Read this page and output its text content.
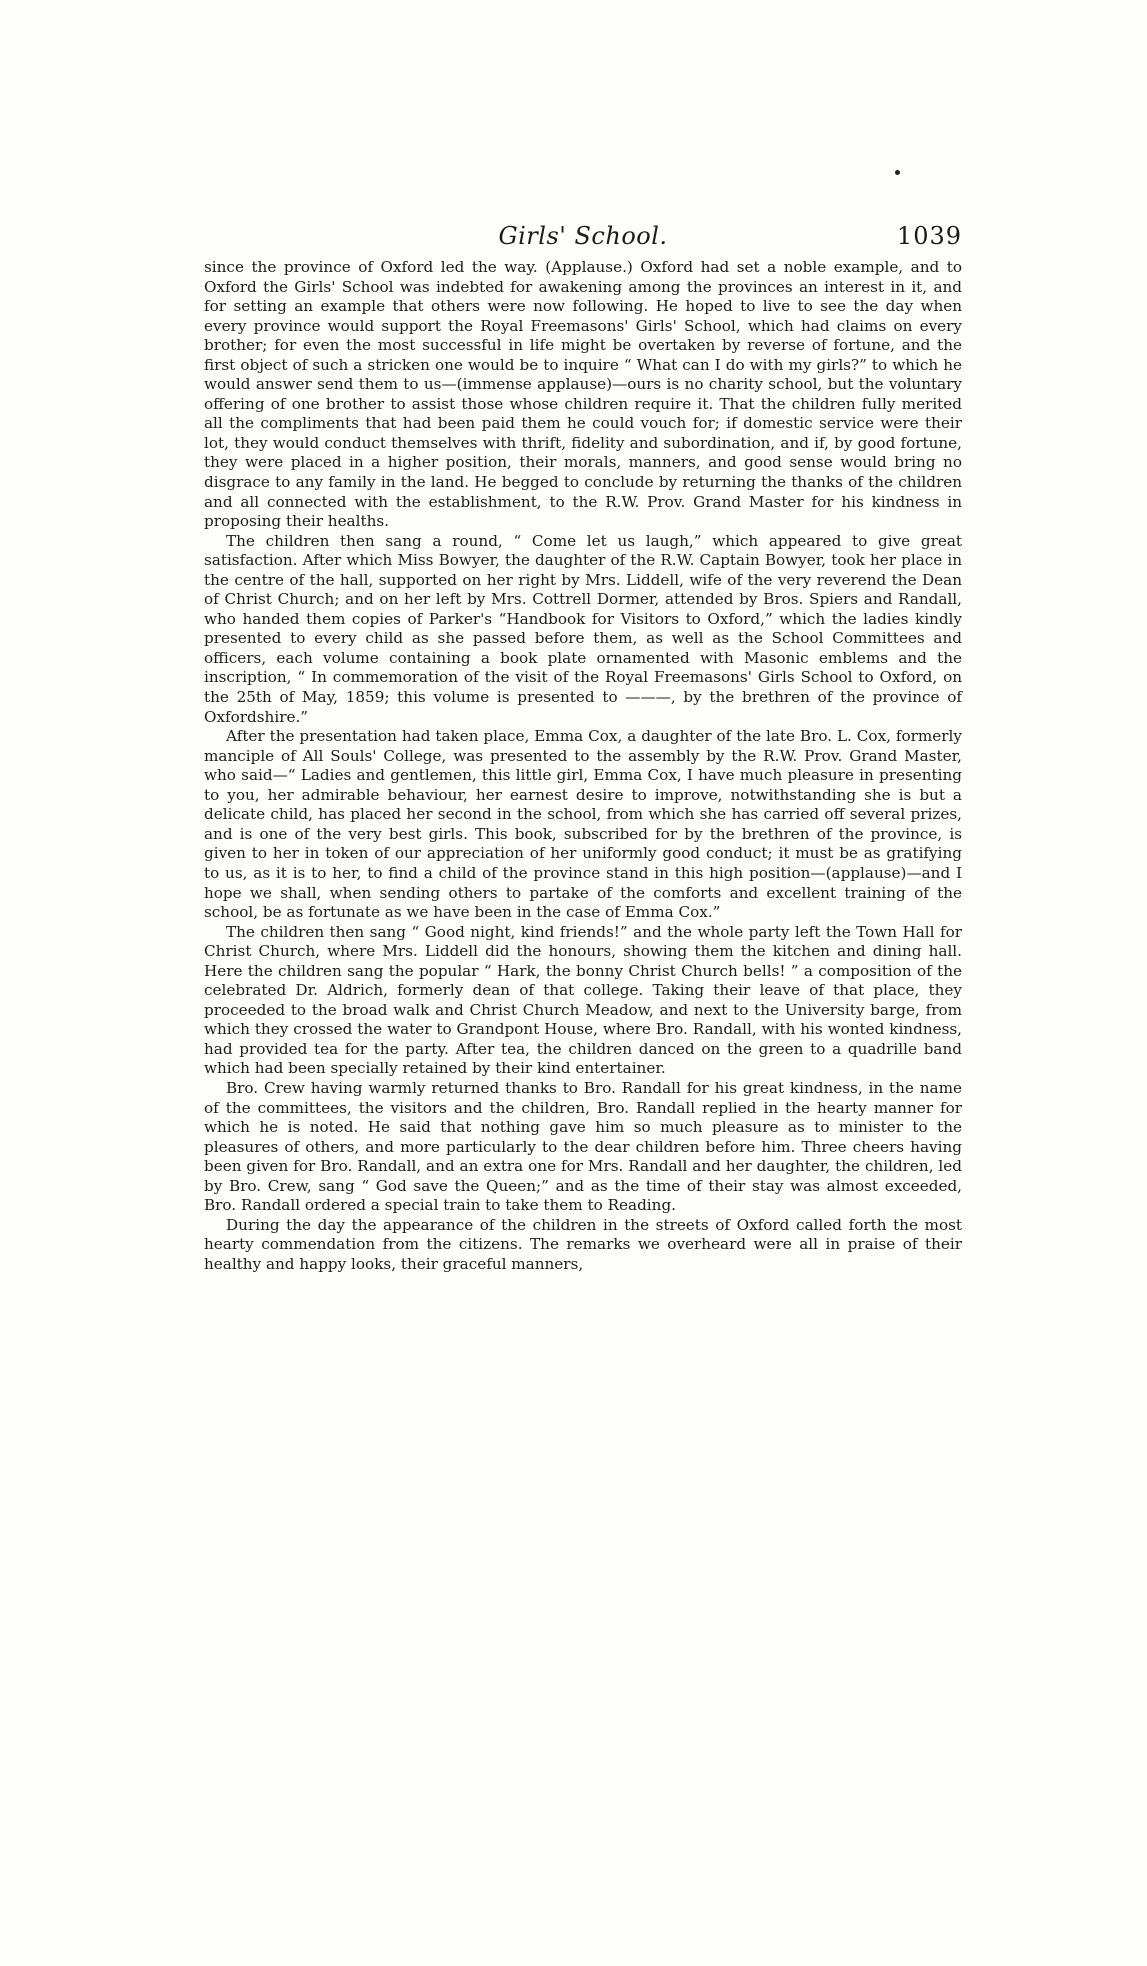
Girls' School.	1039

since the province of Oxford led the way. (Applause.) Oxford had set a noble example, and to Oxford the Girls' School was indebted for awakening among the provinces an interest in it, and for setting an example that others were now following. He hoped to live to see the day when every province would support the Royal Freemasons' Girls' School, which had claims on every brother; for even the most successful in life might be overtaken by reverse of fortune, and the first object of such a stricken one would be to inquire “ What can I do with my girls?” to which he would answer send them to us—(immense applause)—ours is no charity school, but the voluntary offering of one brother to assist those whose children require it. That the children fully merited all the compliments that had been paid them he could vouch for; if domestic service were their lot, they would conduct themselves with thrift, fidelity and subordination, and if, by good fortune, they were placed in a higher position, their morals, manners, and good sense would bring no disgrace to any family in the land. He begged to conclude by returning the thanks of the children and all connected with the establishment, to the R.W. Prov. Grand Master for his kindness in proposing their healths.

The children then sang a round, “ Come let us laugh,” which appeared to give great satisfaction. After which Miss Bowyer, the daughter of the R.W. Captain Bowyer, took her place in the centre of the hall, supported on her right by Mrs. Liddell, wife of the very reverend the Dean of Christ Church; and on her left by Mrs. Cottrell Dormer, attended by Bros. Spiers and Randall, who handed them copies of Parker's “Handbook for Visitors to Oxford,” which the ladies kindly presented to every child as she passed before them, as well as the School Committees and officers, each volume containing a book plate ornamented with Masonic emblems and the inscription, “ In commemoration of the visit of the Royal Freemasons' Girls School to Oxford, on the 25th of May, 1859; this volume is presented to ———, by the brethren of the province of Oxfordshire.”

After the presentation had taken place, Emma Cox, a daughter of the late Bro. L. Cox, formerly manciple of All Souls' College, was presented to the assembly by the R.W. Prov. Grand Master, who said—“ Ladies and gentlemen, this little girl, Emma Cox, I have much pleasure in presenting to you, her admirable behaviour, her earnest desire to improve, notwithstanding she is but a delicate child, has placed her second in the school, from which she has carried off several prizes, and is one of the very best girls. This book, subscribed for by the brethren of the province, is given to her in token of our appreciation of her uniformly good conduct; it must be as gratifying to us, as it is to her, to find a child of the province stand in this high position—(applause)—and I hope we shall, when sending others to partake of the comforts and excellent training of the school, be as fortunate as we have been in the case of Emma Cox.”

The children then sang “ Good night, kind friends!” and the whole party left the Town Hall for Christ Church, where Mrs. Liddell did the honours, showing them the kitchen and dining hall. Here the children sang the popular “ Hark, the bonny Christ Church bells! ” a composition of the celebrated Dr. Aldrich, formerly dean of that college. Taking their leave of that place, they proceeded to the broad walk and Christ Church Meadow, and next to the University barge, from which they crossed the water to Grandpont House, where Bro. Randall, with his wonted kindness, had provided tea for the party. After tea, the children danced on the green to a quadrille band which had been specially retained by their kind entertainer.

Bro. Crew having warmly returned thanks to Bro. Randall for his great kindness, in the name of the committees, the visitors and the children, Bro. Randall replied in the hearty manner for which he is noted. He said that nothing gave him so much pleasure as to minister to the pleasures of others, and more particularly to the dear children before him. Three cheers having been given for Bro. Randall, and an extra one for Mrs. Randall and her daughter, the children, led by Bro. Crew, sang “ God save the Queen;” and as the time of their stay was almost exceeded, Bro. Randall ordered a special train to take them to Reading.

During the day the appearance of the children in the streets of Oxford called forth the most hearty commendation from the citizens. The remarks we overheard were all in praise of their healthy and happy looks, their graceful manners,
